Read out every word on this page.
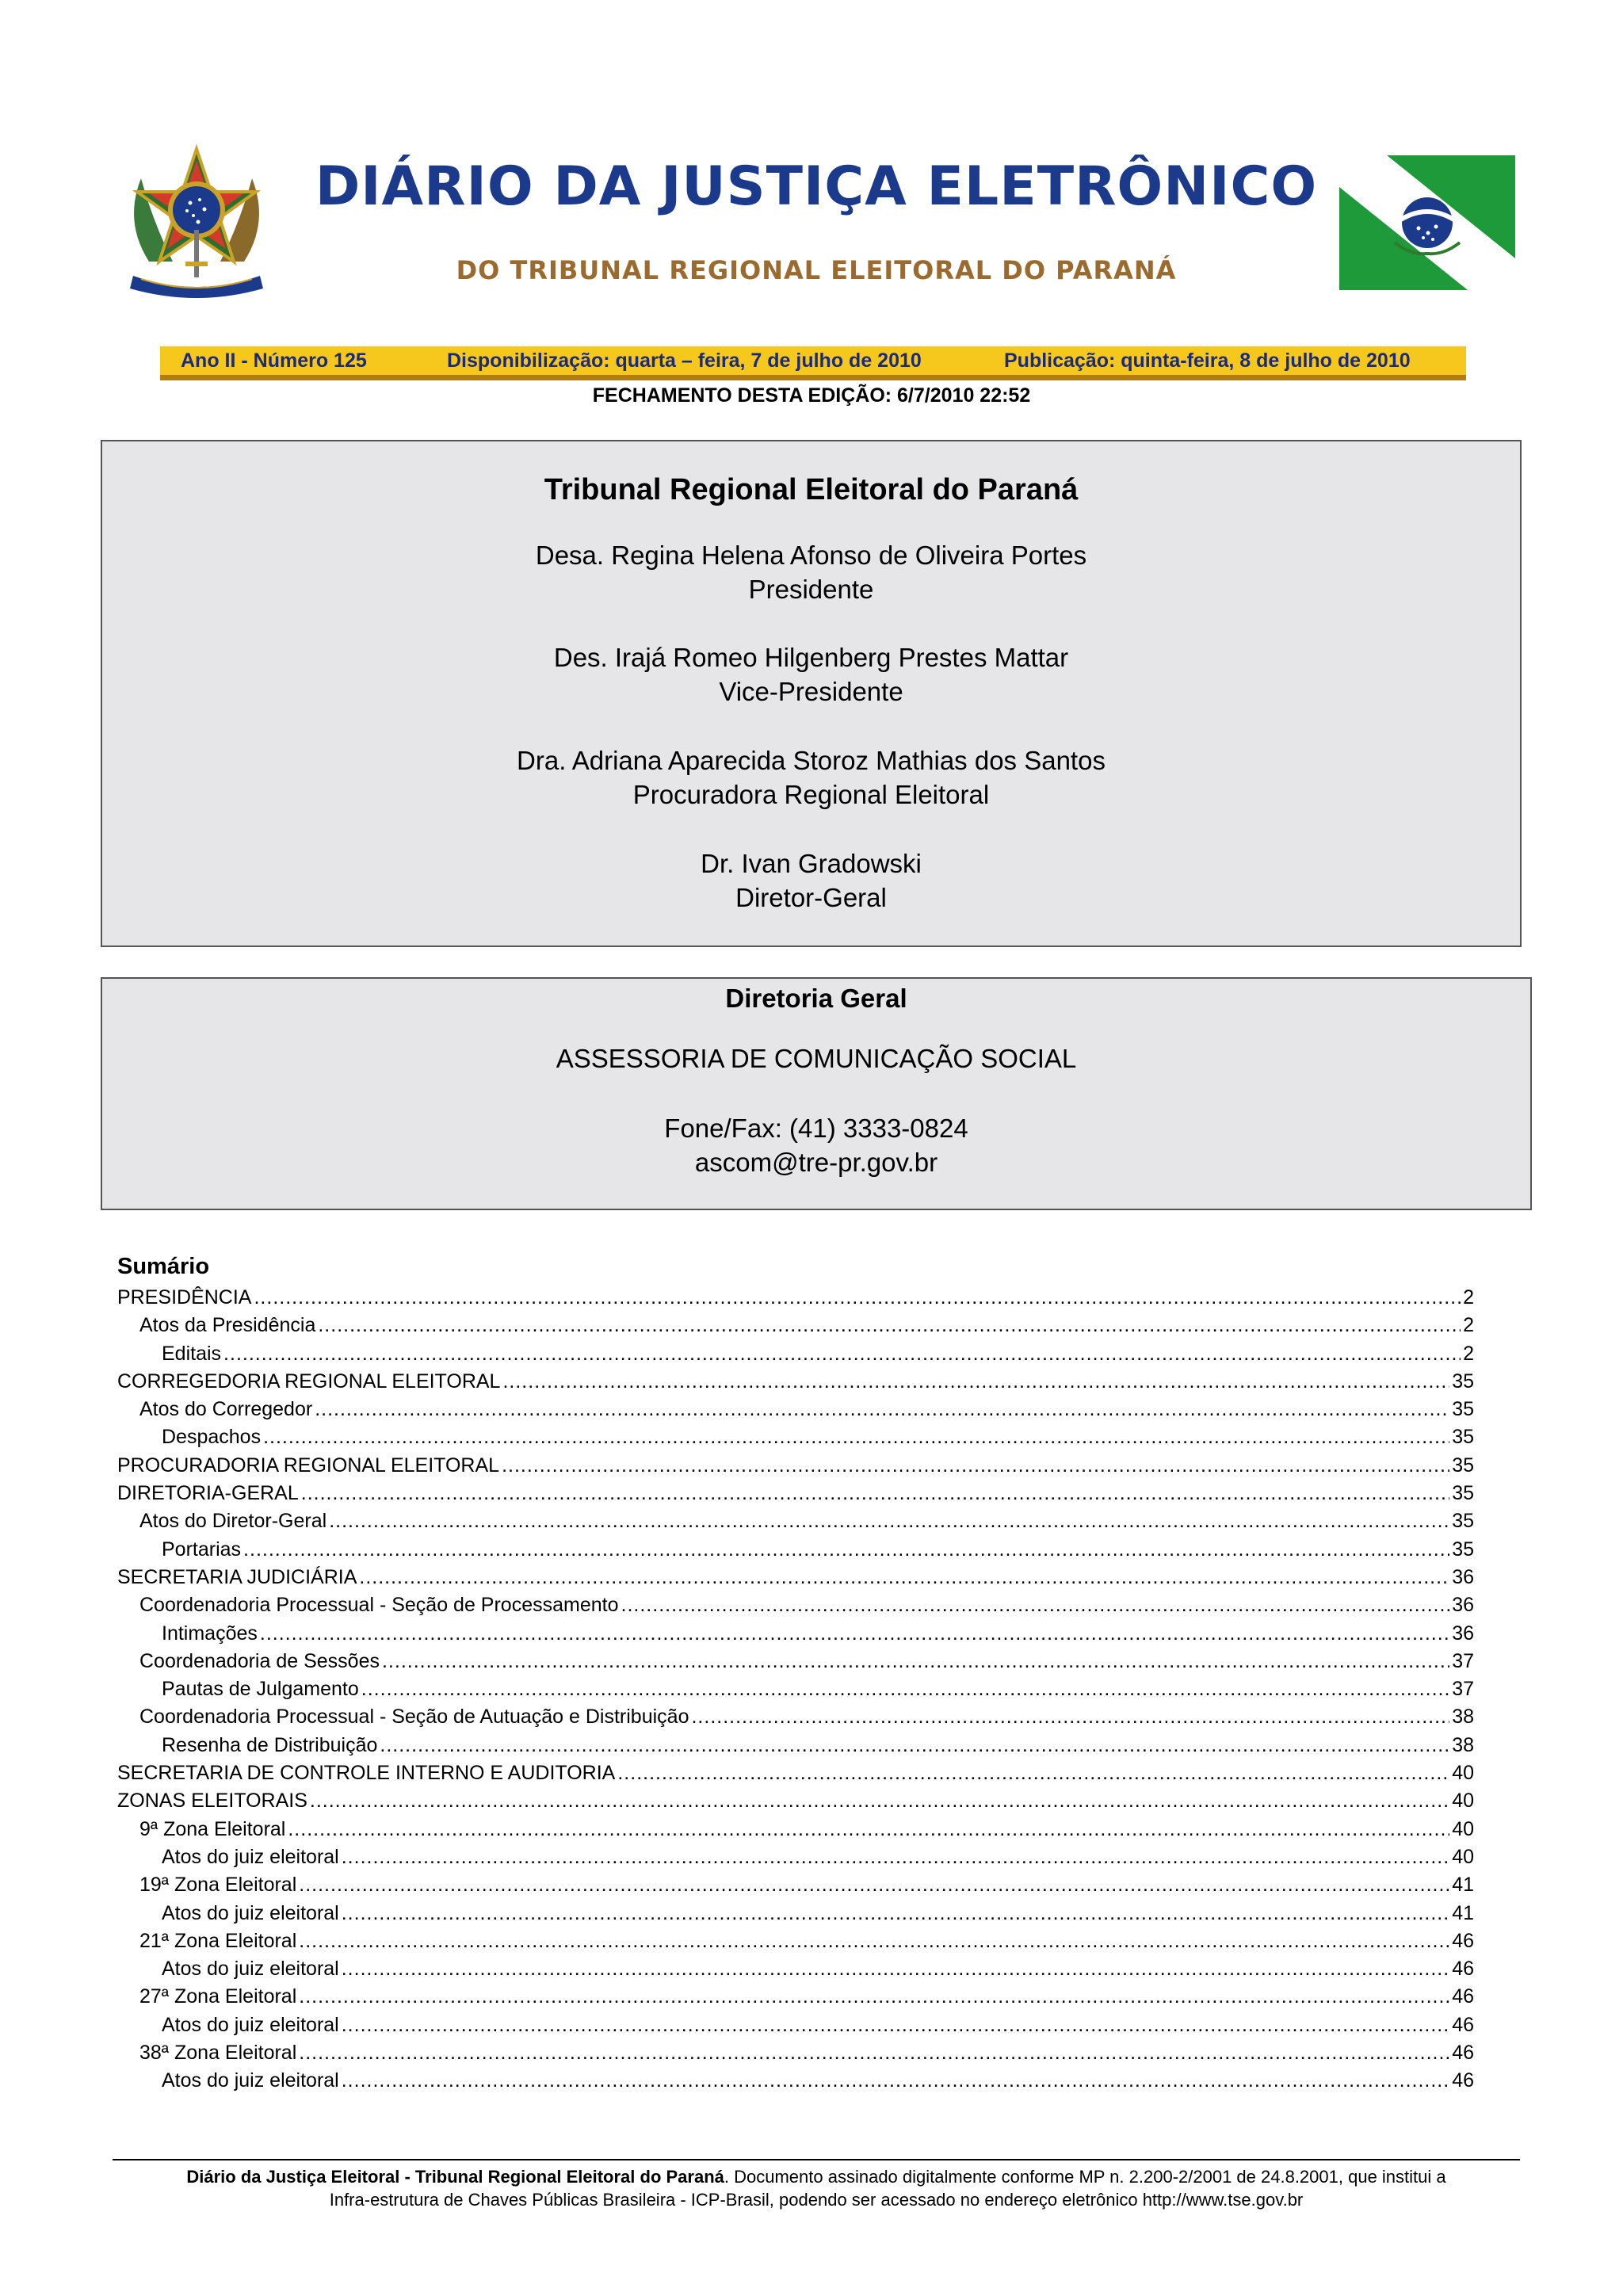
DIÁRIO DA JUSTIÇA ELETRÔNICO
DO TRIBUNAL REGIONAL ELEITORAL DO PARANÁ
Ano II - Número 125	Disponibilização: quarta – feira, 7 de julho de 2010	Publicação: quinta-feira, 8 de julho de 2010
FECHAMENTO DESTA EDIÇÃO: 6/7/2010 22:52
Tribunal Regional Eleitoral do Paraná
Desa. Regina Helena Afonso de Oliveira Portes
Presidente
Des. Irajá Romeo Hilgenberg Prestes Mattar
Vice-Presidente
Dra. Adriana Aparecida Storoz Mathias dos Santos
Procuradora Regional Eleitoral
Dr. Ivan Gradowski
Diretor-Geral
Diretoria Geral
ASSESSORIA DE COMUNICAÇÃO SOCIAL
Fone/Fax: (41) 3333-0824
ascom@tre-pr.gov.br
Sumário
PRESIDÊNCIA .....	2
Atos da Presidência .....	2
Editais .....	2
CORREGEDORIA REGIONAL ELEITORAL .....	35
Atos do Corregedor .....	35
Despachos .....	35
PROCURADORIA REGIONAL ELEITORAL .....	35
DIRETORIA-GERAL .....	35
Atos do Diretor-Geral .....	35
Portarias .....	35
SECRETARIA JUDICIÁRIA .....	36
Coordenadoria Processual - Seção de Processamento .....	36
Intimações .....	36
Coordenadoria de Sessões .....	37
Pautas de Julgamento .....	37
Coordenadoria Processual - Seção de Autuação e Distribuição .....	38
Resenha de Distribuição .....	38
SECRETARIA DE CONTROLE INTERNO E AUDITORIA .....	40
ZONAS ELEITORAIS .....	40
9ª Zona Eleitoral .....	40
Atos do juiz eleitoral .....	40
19ª Zona Eleitoral .....	41
Atos do juiz eleitoral .....	41
21ª Zona Eleitoral .....	46
Atos do juiz eleitoral .....	46
27ª Zona Eleitoral .....	46
Atos do juiz eleitoral .....	46
38ª Zona Eleitoral .....	46
Atos do juiz eleitoral .....	46
Diário da Justiça Eleitoral - Tribunal Regional Eleitoral do Paraná. Documento assinado digitalmente conforme MP n. 2.200-2/2001 de 24.8.2001, que institui a
Infra-estrutura de Chaves Públicas Brasileira - ICP-Brasil, podendo ser acessado no endereço eletrônico http://www.tse.gov.br
